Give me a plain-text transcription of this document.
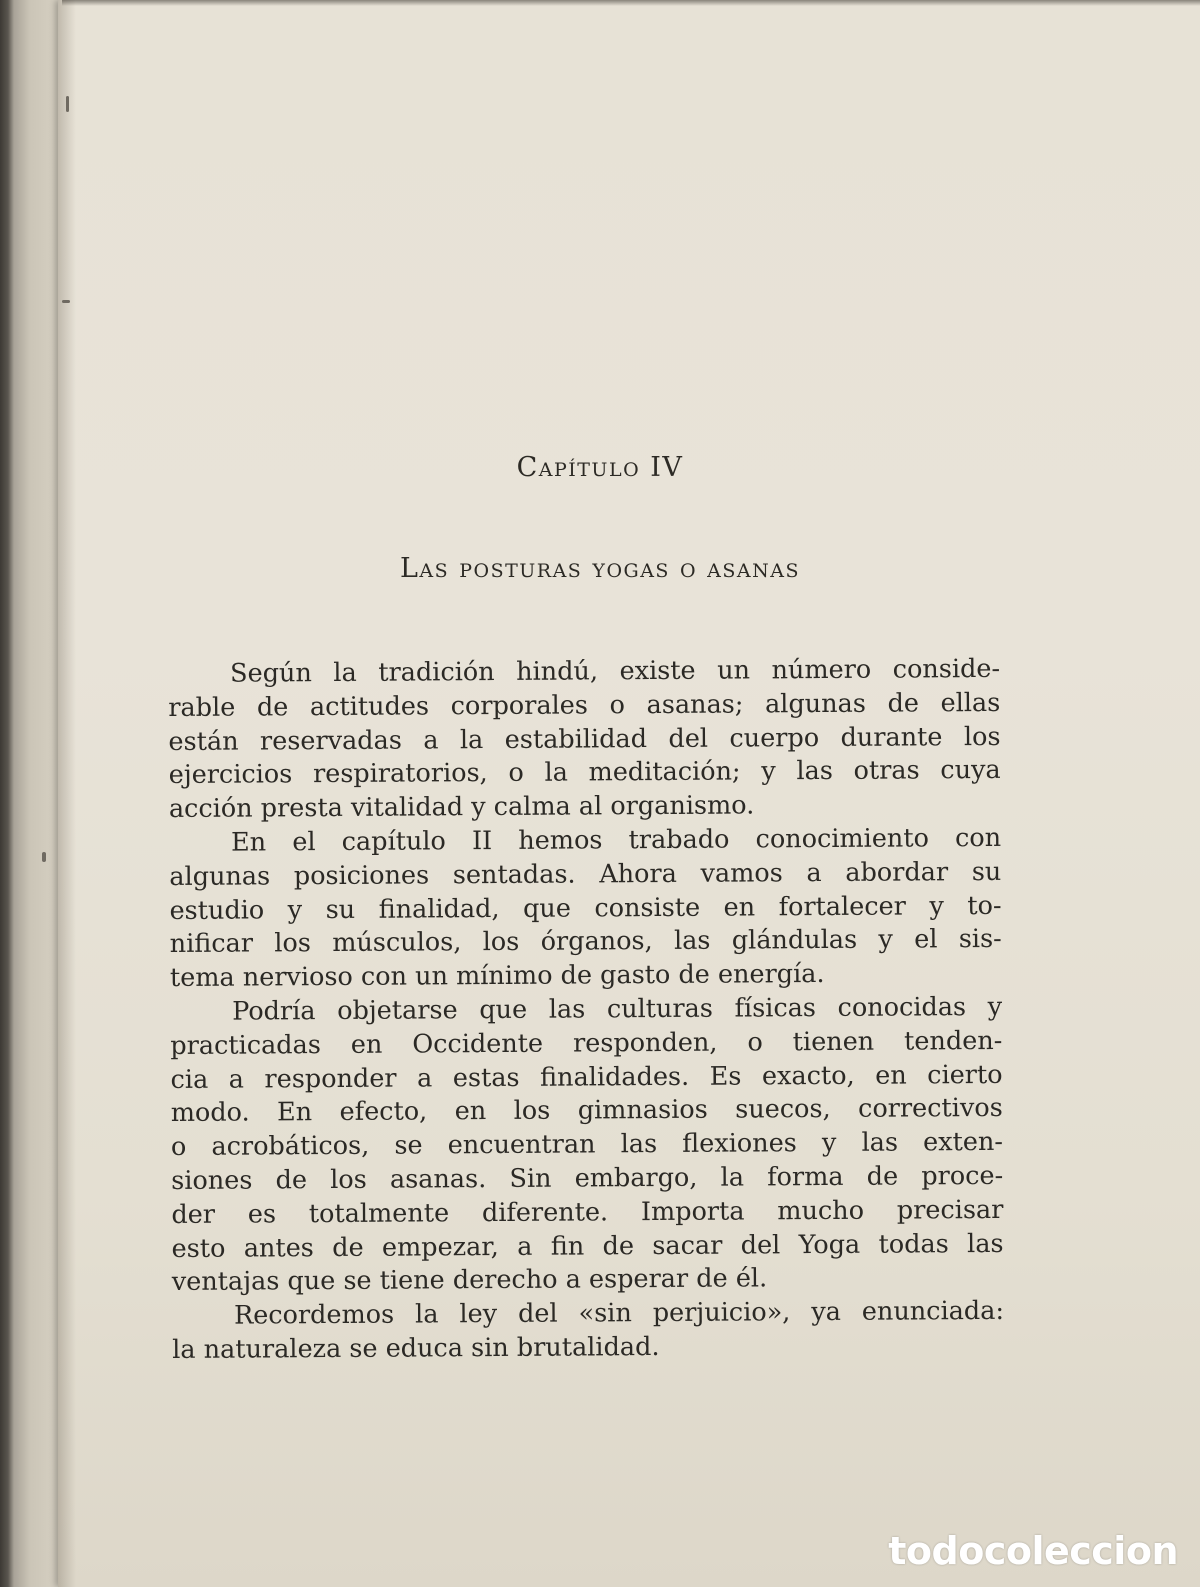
Capítulo IV
Las posturas yogas o asanas
Según la tradición hindú, existe un número conside-
rable de actitudes corporales o asanas; algunas de ellas
están reservadas a la estabilidad del cuerpo durante los
ejercicios respiratorios, o la meditación; y las otras cuya
acción presta vitalidad y calma al organismo.
En el capítulo II hemos trabado conocimiento con
algunas posiciones sentadas. Ahora vamos a abordar su
estudio y su finalidad, que consiste en fortalecer y to-
nificar los músculos, los órganos, las glándulas y el sis-
tema nervioso con un mínimo de gasto de energía.
Podría objetarse que las culturas físicas conocidas y
practicadas en Occidente responden, o tienen tenden-
cia a responder a estas finalidades. Es exacto, en cierto
modo. En efecto, en los gimnasios suecos, correctivos
o acrobáticos, se encuentran las flexiones y las exten-
siones de los asanas. Sin embargo, la forma de proce-
der es totalmente diferente. Importa mucho precisar
esto antes de empezar, a fin de sacar del Yoga todas las
ventajas que se tiene derecho a esperar de él.
Recordemos la ley del «sin perjuicio», ya enunciada:
la naturaleza se educa sin brutalidad.
todocoleccion
